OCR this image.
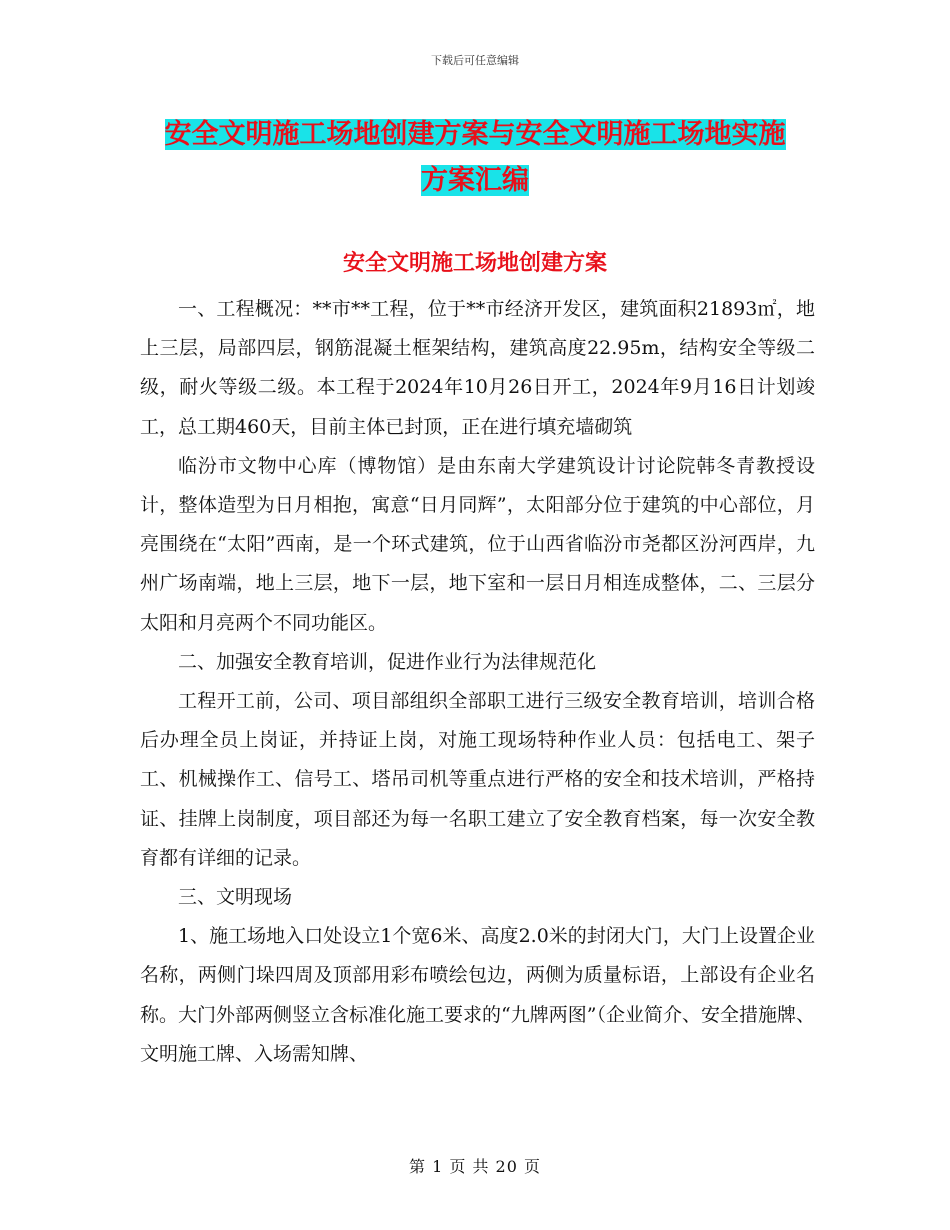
下载后可任意编辑
安全文明施工场地创建方案与安全文明施工场地实施
方案汇编
安全文明施工场地创建方案

一、工程概况：**市**工程，位于**市经济开发区，建筑面积21893㎡，地上三层，局部四层，钢筋混凝土框架结构，建筑高度22.95m，结构安全等级二级，耐火等级二级。本工程于2024年10月26日开工，2024年9月16日计划竣工，总工期460天，目前主体已封顶，正在进行填充墙砌筑

临汾市文物中心库（博物馆）是由东南大学建筑设计讨论院韩冬青教授设计，整体造型为日月相抱，寓意“日月同辉”，太阳部分位于建筑的中心部位，月亮围绕在“太阳”西南，是一个环式建筑，位于山西省临汾市尧都区汾河西岸，九州广场南端，地上三层，地下一层，地下室和一层日月相连成整体，二、三层分太阳和月亮两个不同功能区。

二、加强安全教育培训，促进作业行为法律规范化

工程开工前，公司、项目部组织全部职工进行三级安全教育培训，培训合格后办理全员上岗证，并持证上岗，对施工现场特种作业人员：包括电工、架子工、机械操作工、信号工、塔吊司机等重点进行严格的安全和技术培训，严格持证、挂牌上岗制度，项目部还为每一名职工建立了安全教育档案，每一次安全教育都有详细的记录。

三、文明现场

1、施工场地入口处设立1个宽6米、高度2.0米的封闭大门，大门上设置企业名称，两侧门垛四周及顶部用彩布喷绘包边，两侧为质量标语，上部设有企业名称。大门外部两侧竖立含标准化施工要求的“九牌两图”（企业简介、安全措施牌、文明施工牌、入场需知牌、

第 1 页 共 20 页
